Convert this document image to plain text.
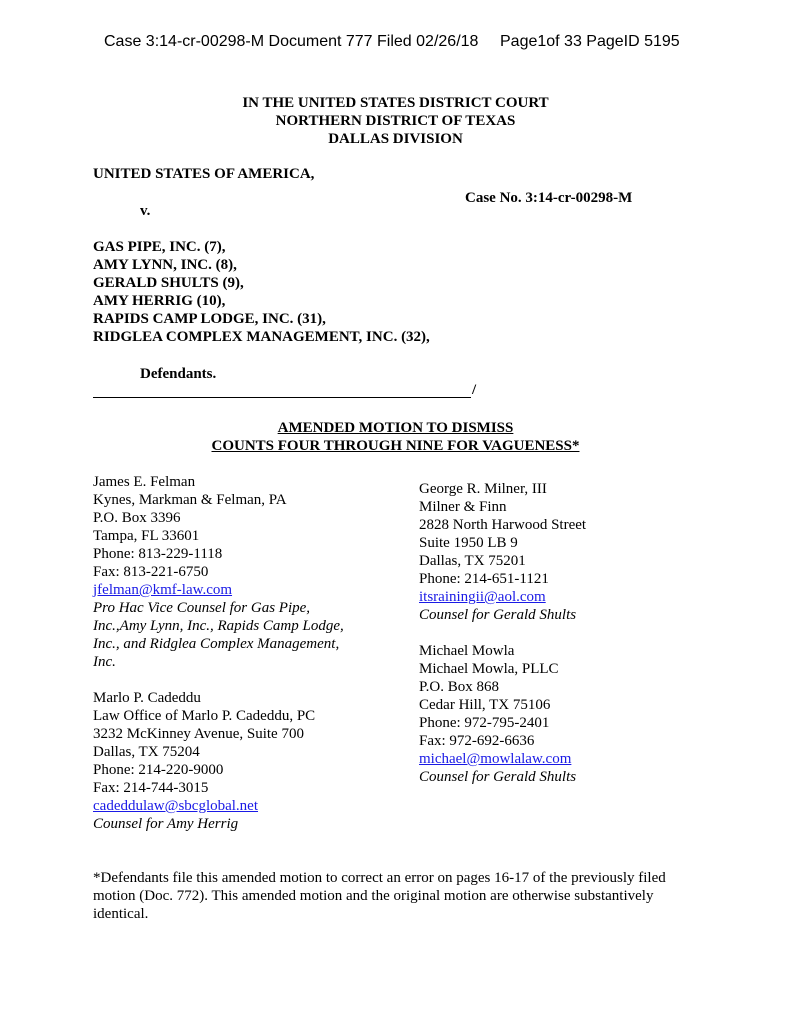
Case 3:14-cr-00298-M Document 777 Filed 02/26/18 Page1of 33 PageID 5195
IN THE UNITED STATES DISTRICT COURT
NORTHERN DISTRICT OF TEXAS
DALLAS DIVISION
UNITED STATES OF AMERICA,
Case No. 3:14-cr-00298-M
v.
GAS PIPE, INC. (7),
AMY LYNN, INC. (8),
GERALD SHULTS (9),
AMY HERRIG (10),
RAPIDS CAMP LODGE, INC. (31),
RIDGLEA COMPLEX MANAGEMENT, INC. (32),
Defendants.
/
AMENDED MOTION TO DISMISS
COUNTS FOUR THROUGH NINE FOR VAGUENESS*
James E. Felman
Kynes, Markman & Felman, PA
P.O. Box 3396
Tampa, FL 33601
Phone: 813-229-1118
Fax: 813-221-6750
jfelman@kmf-law.com
Pro Hac Vice Counsel for Gas Pipe,
Inc.,Amy Lynn, Inc., Rapids Camp Lodge,
Inc., and Ridglea Complex Management,
Inc.
Marlo P. Cadeddu
Law Office of Marlo P. Cadeddu, PC
3232 McKinney Avenue, Suite 700
Dallas, TX 75204
Phone: 214-220-9000
Fax: 214-744-3015
cadeddulaw@sbcglobal.net
Counsel for Amy Herrig
George R. Milner, III
Milner & Finn
2828 North Harwood Street
Suite 1950 LB 9
Dallas, TX 75201
Phone: 214-651-1121
itsrainingii@aol.com
Counsel for Gerald Shults
Michael Mowla
Michael Mowla, PLLC
P.O. Box 868
Cedar Hill, TX 75106
Phone: 972-795-2401
Fax: 972-692-6636
michael@mowlalaw.com
Counsel for Gerald Shults
*Defendants file this amended motion to correct an error on pages 16-17 of the previously filed motion (Doc. 772). This amended motion and the original motion are otherwise substantively identical.
